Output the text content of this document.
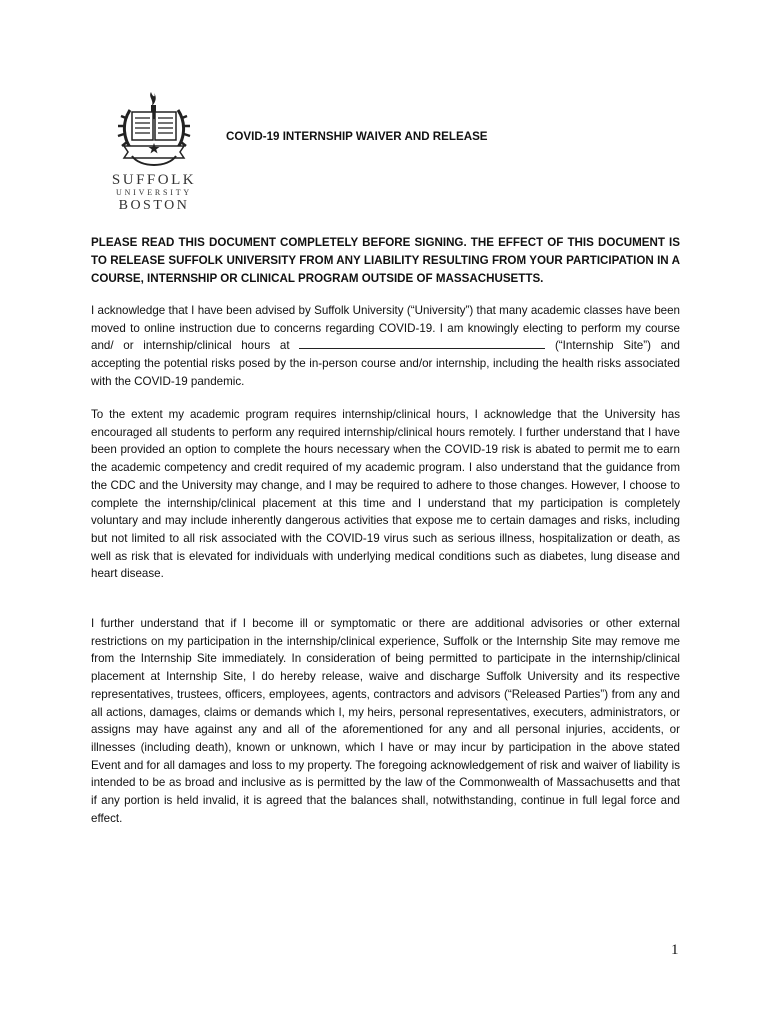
SUFFOLK
UNIVERSITY
BOSTON
COVID-19 INTERNSHIP WAIVER AND RELEASE
PLEASE READ THIS DOCUMENT COMPLETELY BEFORE SIGNING. THE EFFECT OF THIS DOCUMENT IS TO RELEASE SUFFOLK UNIVERSITY FROM ANY LIABILITY RESULTING FROM YOUR PARTICIPATION IN A COURSE, INTERNSHIP OR CLINICAL PROGRAM OUTSIDE OF MASSACHUSETTS.

I acknowledge that I have been advised by Suffolk University (“University”) that many academic classes have been moved to online instruction due to concerns regarding COVID-19. I am knowingly electing to perform my course and/ or internship/clinical hours at	(“Internship Site”) and accepting the potential risks posed by the in-person course and/or internship, including the health risks associated with the COVID-19 pandemic.

To the extent my academic program requires internship/clinical hours, I acknowledge that the University has encouraged all students to perform any required internship/clinical hours remotely. I further understand that I have been provided an option to complete the hours necessary when the COVID-19 risk is abated to permit me to earn the academic competency and credit required of my academic program. I also understand that the guidance from the CDC and the University may change, and I may be required to adhere to those changes. However, I choose to complete the internship/clinical placement at this time and I understand that my participation is completely voluntary and may include inherently dangerous activities that expose me to certain damages and risks, including but not limited to all risk associated with the COVID-19 virus such as serious illness, hospitalization or death, as well as risk that is elevated for individuals with underlying medical conditions such as diabetes, lung disease and heart disease.

I further understand that if I become ill or symptomatic or there are additional advisories or other external restrictions on my participation in the internship/clinical experience, Suffolk or the Internship Site may remove me from the Internship Site immediately. In consideration of being permitted to participate in the internship/clinical placement at Internship Site, I do hereby release, waive and discharge Suffolk University and its respective representatives, trustees, officers, employees, agents, contractors and advisors (“Released Parties”) from any and all actions, damages, claims or demands which I, my heirs, personal representatives, executers, administrators, or assigns may have against any and all of the aforementioned for any and all personal injuries, accidents, or illnesses (including death), known or unknown, which I have or may incur by participation in the above stated Event and for all damages and loss to my property. The foregoing acknowledgement of risk and waiver of liability is intended to be as broad and inclusive as is permitted by the law of the Commonwealth of Massachusetts and that if any portion is held invalid, it is agreed that the balances shall, notwithstanding, continue in full legal force and effect.

1
